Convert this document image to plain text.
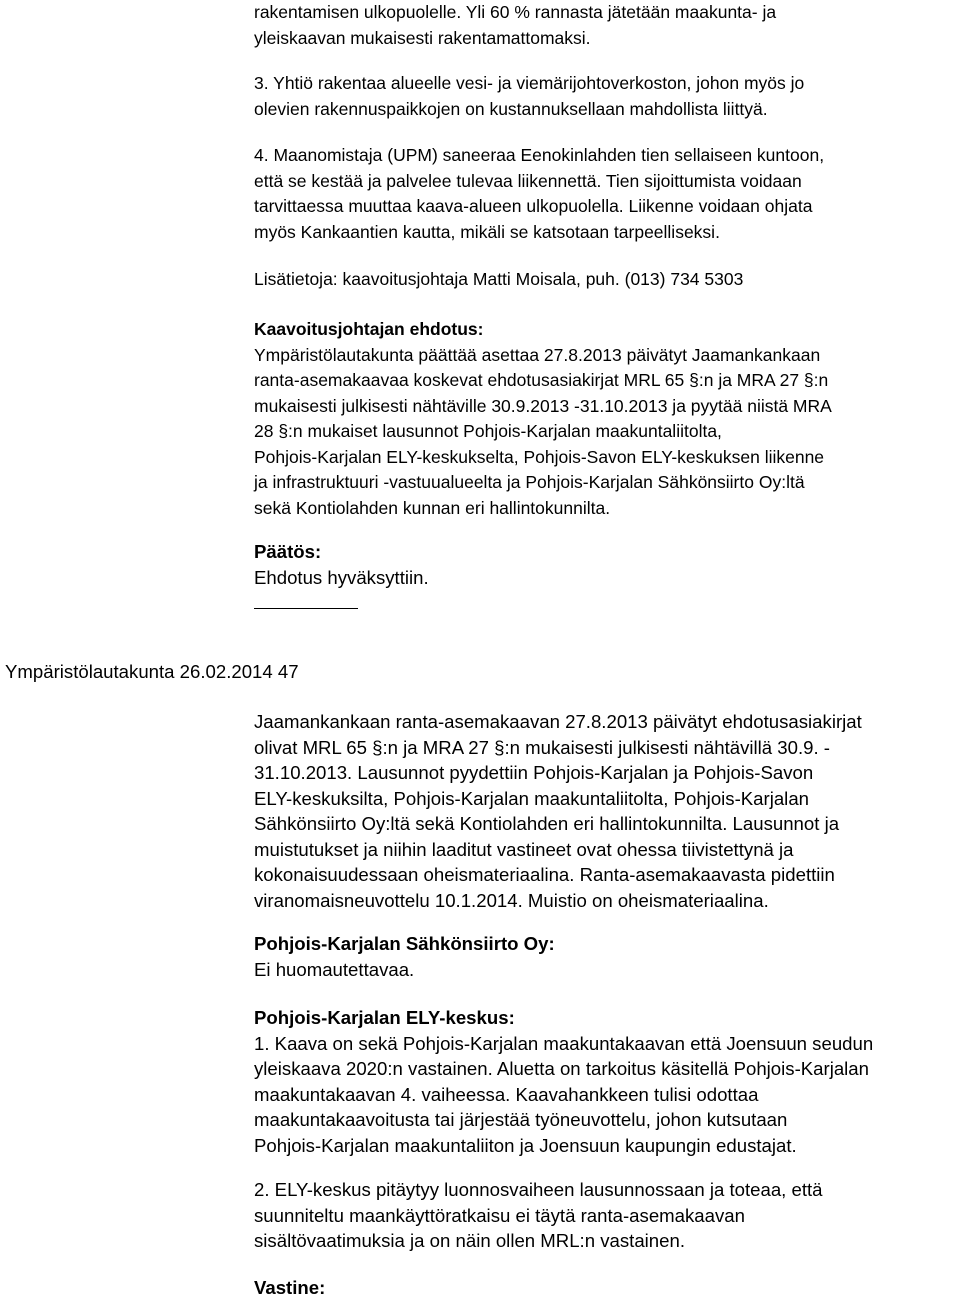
rakentamisen ulkopuolelle. Yli 60 % rannasta jätetään maakunta- ja
yleiskaavan mukaisesti rakentamattomaksi.
3. Yhtiö rakentaa alueelle vesi- ja viemärijohtoverkoston, johon myös jo
olevien rakennuspaikkojen on kustannuksellaan mahdollista liittyä.
4. Maanomistaja (UPM) saneeraa Eenokinlahden tien sellaiseen kuntoon,
että se kestää ja palvelee tulevaa liikennettä. Tien sijoittumista voidaan
tarvittaessa muuttaa kaava-alueen ulkopuolella. Liikenne voidaan ohjata
myös Kankaantien kautta, mikäli se katsotaan tarpeelliseksi.
Lisätietoja: kaavoitusjohtaja Matti Moisala, puh. (013) 734 5303
Kaavoitusjohtajan ehdotus:
Ympäristölautakunta päättää asettaa 27.8.2013 päivätyt Jaamankankaan
ranta-asemakaavaa koskevat ehdotusasiakirjat MRL 65 §:n ja MRA 27 §:n
mukaisesti julkisesti nähtäville 30.9.2013 -31.10.2013 ja pyytää niistä MRA
28 §:n mukaiset lausunnot Pohjois-Karjalan maakuntaliitolta,
Pohjois-Karjalan ELY-keskukselta, Pohjois-Savon ELY-keskuksen liikenne
ja infrastruktuuri -vastuualueelta ja Pohjois-Karjalan Sähkönsiirto Oy:ltä
sekä Kontiolahden kunnan eri hallintokunnilta.
Päätös:
Ehdotus hyväksyttiin.

Ympäristölautakunta 26.02.2014 47

Jaamankankaan ranta-asemakaavan 27.8.2013 päivätyt ehdotusasiakirjat
olivat MRL 65 §:n ja MRA 27 §:n mukaisesti julkisesti nähtävillä 30.9. -
31.10.2013. Lausunnot pyydettiin Pohjois-Karjalan ja Pohjois-Savon
ELY-keskuksilta, Pohjois-Karjalan maakuntaliitolta, Pohjois-Karjalan
Sähkönsiirto Oy:ltä sekä Kontiolahden eri hallintokunnilta. Lausunnot ja
muistutukset ja niihin laaditut vastineet ovat ohessa tiivistettynä ja
kokonaisuudessaan oheismateriaalina. Ranta-asemakaavasta pidettiin
viranomaisneuvottelu 10.1.2014. Muistio on oheismateriaalina.
Pohjois-Karjalan Sähkönsiirto Oy:
Ei huomautettavaa.
Pohjois-Karjalan ELY-keskus:
1. Kaava on sekä Pohjois-Karjalan maakuntakaavan että Joensuun seudun
yleiskaava 2020:n vastainen. Aluetta on tarkoitus käsitellä Pohjois-Karjalan
maakuntakaavan 4. vaiheessa. Kaavahankkeen tulisi odottaa
maakuntakaavoitusta tai järjestää työneuvottelu, johon kutsutaan
Pohjois-Karjalan maakuntaliiton ja Joensuun kaupungin edustajat.
2. ELY-keskus pitäytyy luonnosvaiheen lausunnossaan ja toteaa, että
suunniteltu maankäyttöratkaisu ei täytä ranta-asemakaavan
sisältövaatimuksia ja on näin ollen MRL:n vastainen.
Vastine:
